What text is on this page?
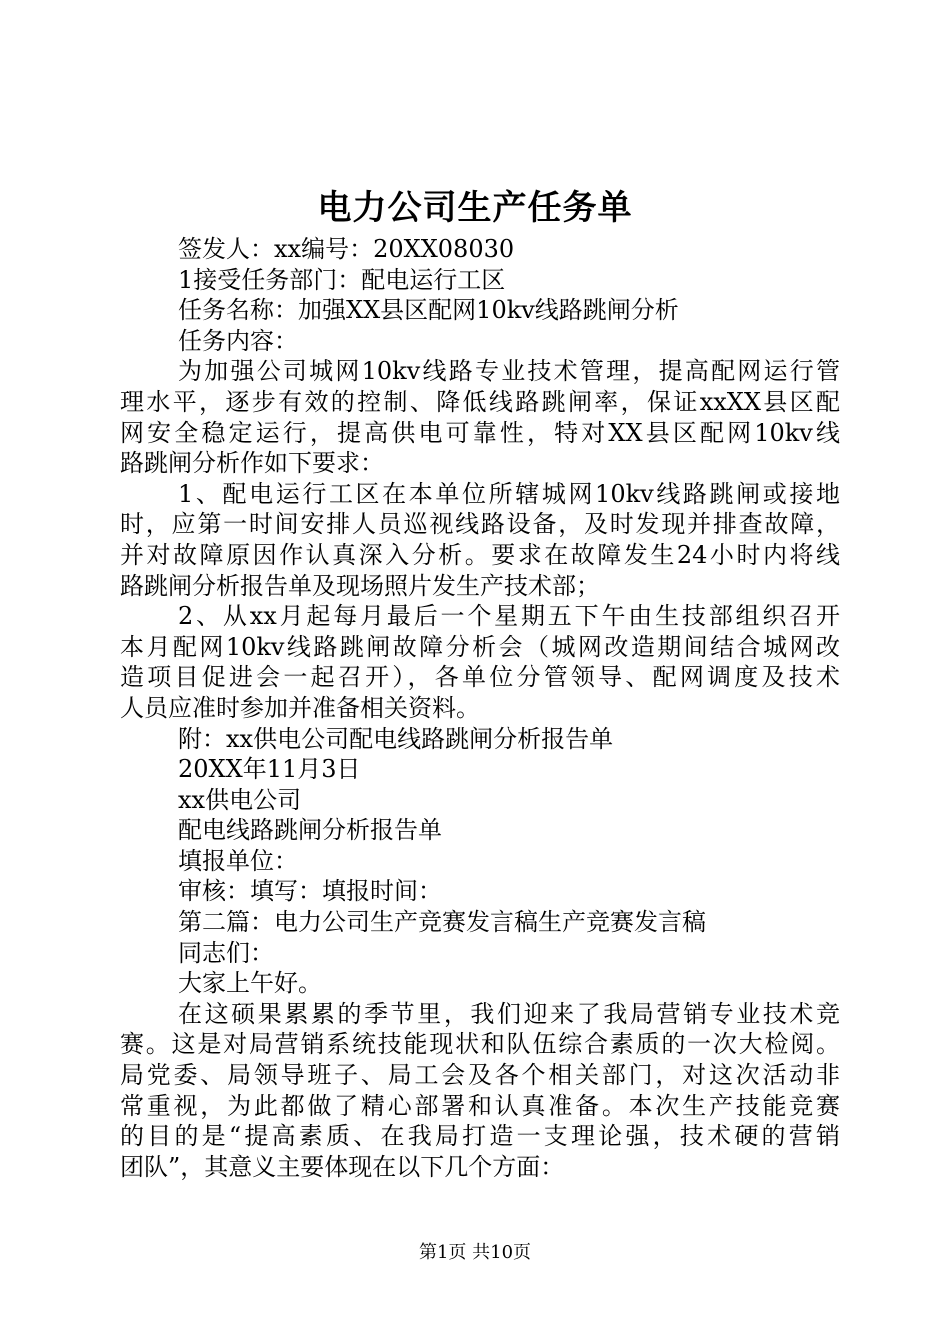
电力公司生产任务单
签发人：xx编号：20XX08030
1接受任务部门：配电运行工区
任务名称：加强XX县区配网10kv线路跳闸分析
任务内容：
为加强公司城网10kv线路专业技术管理，提高配网运行管
理水平，逐步有效的控制、降低线路跳闸率，保证xxXX县区配
网安全稳定运行，提高供电可靠性，特对XX县区配网10kv线
路跳闸分析作如下要求：
1、配电运行工区在本单位所辖城网10kv线路跳闸或接地
时，应第一时间安排人员巡视线路设备，及时发现并排查故障，
并对故障原因作认真深入分析。要求在故障发生24小时内将线
路跳闸分析报告单及现场照片发生产技术部；
2、从xx月起每月最后一个星期五下午由生技部组织召开
本月配网10kv线路跳闸故障分析会（城网改造期间结合城网改
造项目促进会一起召开），各单位分管领导、配网调度及技术
人员应准时参加并准备相关资料。
附：xx供电公司配电线路跳闸分析报告单
20XX年11月3日
xx供电公司
配电线路跳闸分析报告单
填报单位：
审核：填写：填报时间：
第二篇：电力公司生产竞赛发言稿生产竞赛发言稿
同志们：
大家上午好。
在这硕果累累的季节里，我们迎来了我局营销专业技术竞
赛。这是对局营销系统技能现状和队伍综合素质的一次大检阅。
局党委、局领导班子、局工会及各个相关部门，对这次活动非
常重视，为此都做了精心部署和认真准备。本次生产技能竞赛
的目的是“提高素质、在我局打造一支理论强，技术硬的营销
团队”，其意义主要体现在以下几个方面：
第1页 共10页
